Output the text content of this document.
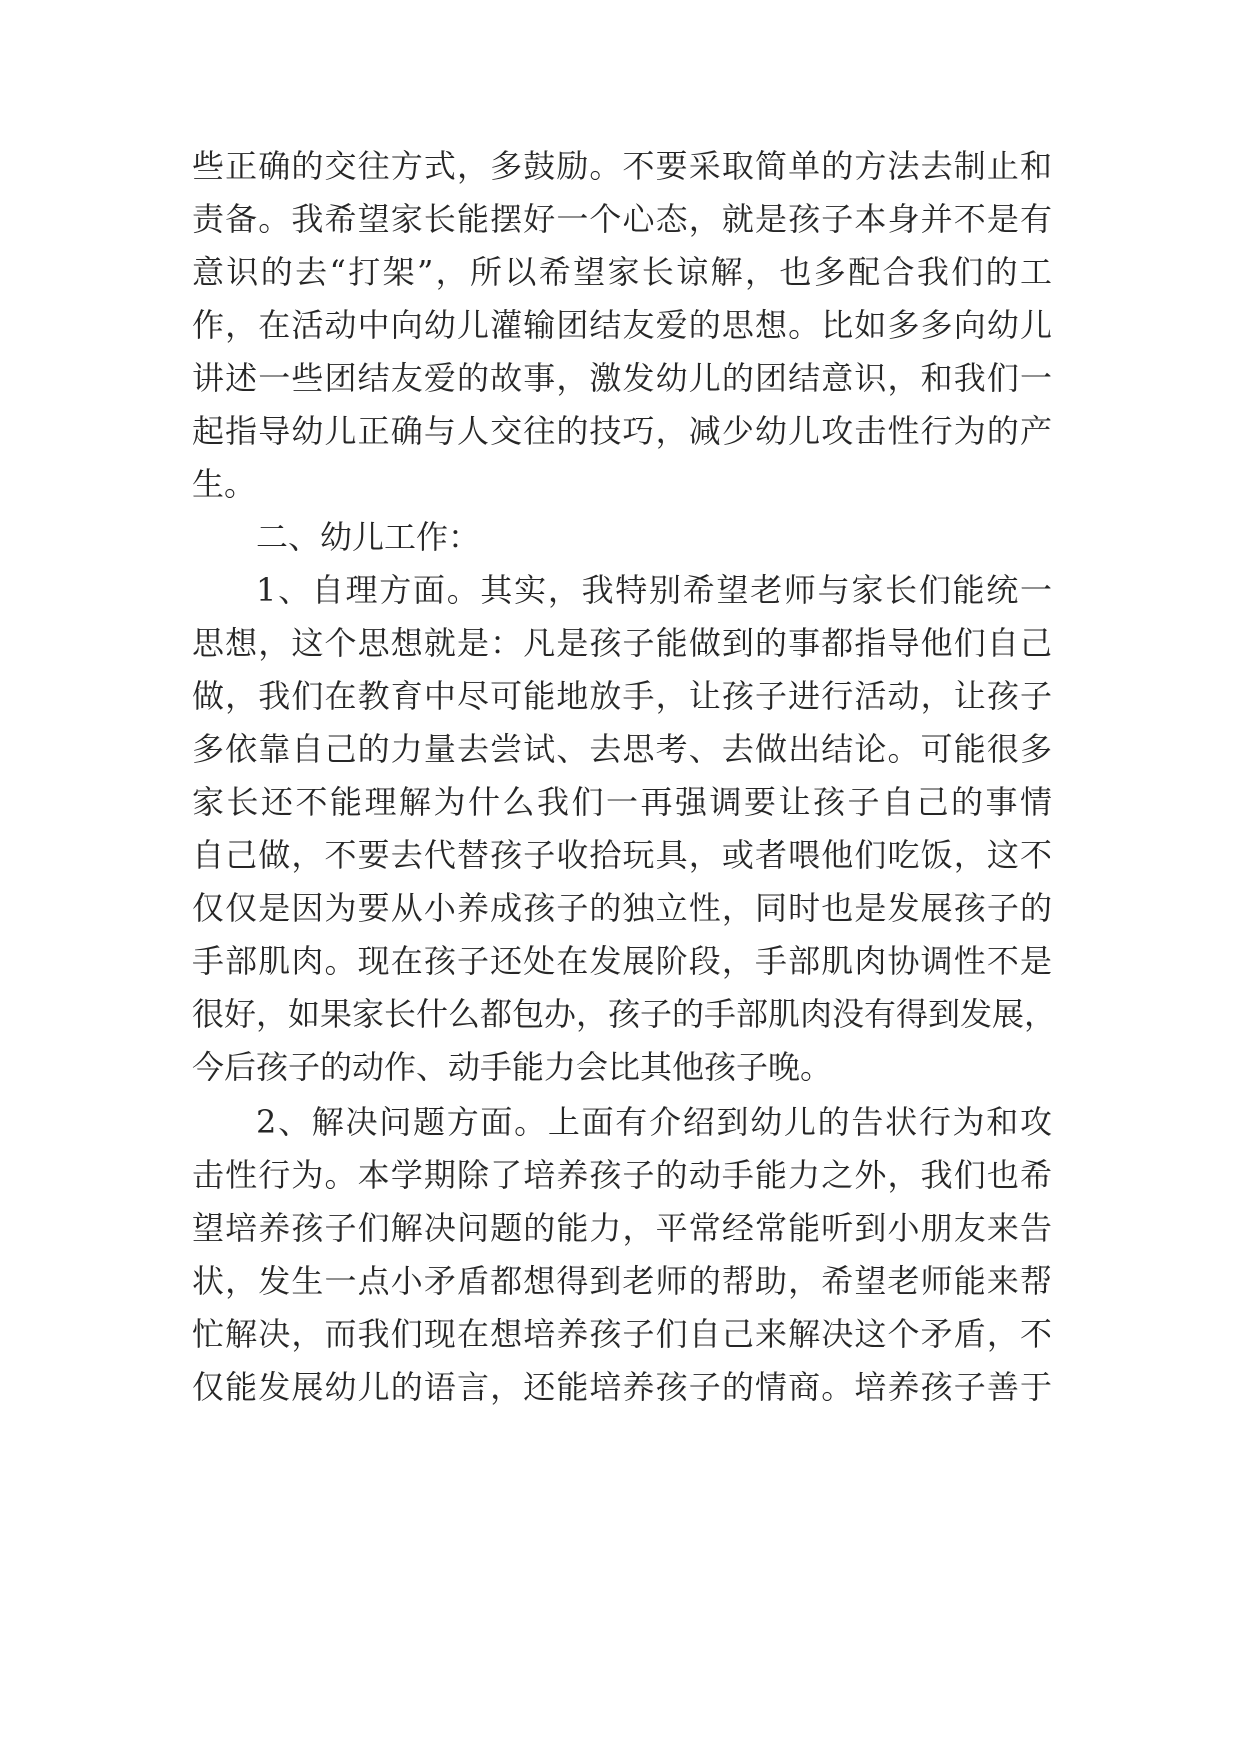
些正确的交往方式，多鼓励。不要采取简单的方法去制止和
责备。我希望家长能摆好一个心态，就是孩子本身并不是有
意识的去“打架”，所以希望家长谅解，也多配合我们的工
作，在活动中向幼儿灌输团结友爱的思想。比如多多向幼儿
讲述一些团结友爱的故事，激发幼儿的团结意识，和我们一
起指导幼儿正确与人交往的技巧，减少幼儿攻击性行为的产
生。
二、幼儿工作：
1、自理方面。其实，我特别希望老师与家长们能统一
思想，这个思想就是：凡是孩子能做到的事都指导他们自己
做，我们在教育中尽可能地放手，让孩子进行活动，让孩子
多依靠自己的力量去尝试、去思考、去做出结论。可能很多
家长还不能理解为什么我们一再强调要让孩子自己的事情
自己做，不要去代替孩子收拾玩具，或者喂他们吃饭，这不
仅仅是因为要从小养成孩子的独立性，同时也是发展孩子的
手部肌肉。现在孩子还处在发展阶段，手部肌肉协调性不是
很好，如果家长什么都包办，孩子的手部肌肉没有得到发展，
今后孩子的动作、动手能力会比其他孩子晚。
2、解决问题方面。上面有介绍到幼儿的告状行为和攻
击性行为。本学期除了培养孩子的动手能力之外，我们也希
望培养孩子们解决问题的能力，平常经常能听到小朋友来告
状，发生一点小矛盾都想得到老师的帮助，希望老师能来帮
忙解决，而我们现在想培养孩子们自己来解决这个矛盾，不
仅能发展幼儿的语言，还能培养孩子的情商。培养孩子善于
